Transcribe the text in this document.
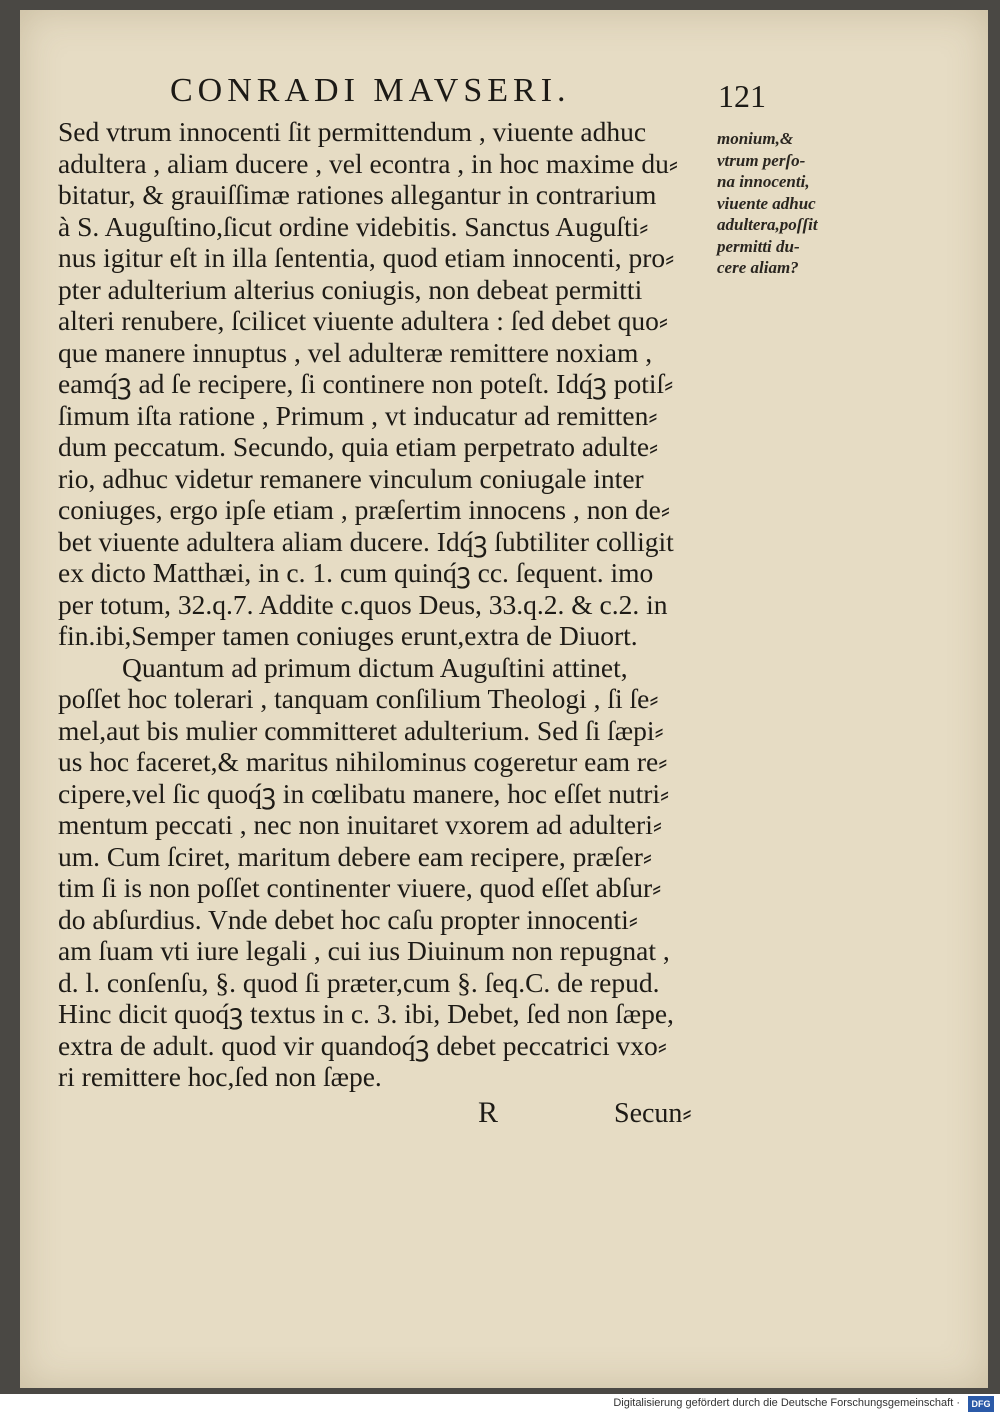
CONRADI MAVSERI.	121
Sed vtrum innocenti ſit permittendum , viuente adhuc
adultera , aliam ducere , vel econtra , in hoc maxime du⸗
bitatur, & grauiſſimæ rationes allegantur in contrarium
à S. Auguſtino,ſicut ordine videbitis. Sanctus Auguſti⸗
nus igitur eſt in illa ſententia, quod etiam innocenti, pro⸗
pter adulterium alterius coniugis, non debeat permitti
alteri renubere, ſcilicet viuente adultera : ſed debet quo⸗
que manere innuptus , vel adulteræ remittere noxiam ,
eamq́ꝫ ad ſe recipere, ſi continere non poteſt. Idq́ꝫ potiſ⸗
ſimum iſta ratione , Primum , vt inducatur ad remitten⸗
dum peccatum. Secundo, quia etiam perpetrato adulte⸗
rio, adhuc videtur remanere vinculum coniugale inter
coniuges, ergo ipſe etiam , præſertim innocens , non de⸗
bet viuente adultera aliam ducere. Idq́ꝫ ſubtiliter colligit
ex dicto Matthæi, in c. 1. cum quinq́ꝫ cc. ſequent. imo
per totum, 32.q.7. Addite c.quos Deus, 33.q.2. & c.2. in
fin.ibi,Semper tamen coniuges erunt,extra de Diuort.
Quantum ad primum dictum Auguſtini attinet,
poſſet hoc tolerari , tanquam conſilium Theologi , ſi ſe⸗
mel,aut bis mulier committeret adulterium. Sed ſi ſæpi⸗
us hoc faceret,& maritus nihilominus cogeretur eam re⸗
cipere,vel ſic quoq́ꝫ in cœlibatu manere, hoc eſſet nutri⸗
mentum peccati , nec non inuitaret vxorem ad adulteri⸗
um. Cum ſciret, maritum debere eam recipere, præſer⸗
tim ſi is non poſſet continenter viuere, quod eſſet abſur⸗
do abſurdius. Vnde debet hoc caſu propter innocenti⸗
am ſuam vti iure legali , cui ius Diuinum non repugnat ,
d. l. conſenſu, §. quod ſi præter,cum §. ſeq.C. de repud.
Hinc dicit quoq́ꝫ textus in c. 3. ibi, Debet, ſed non ſæpe,
extra de adult. quod vir quandoq́ꝫ debet peccatrici vxo⸗
ri remittere hoc,ſed non ſæpe.
monium,&
vtrum perſo-
na innocenti,
viuente adhuc
adultera,poſſit
permitti du-
cere aliam?
R	Secun⸗
Digitalisierung gefördert durch die Deutsche Forschungsgemeinschaft ·	DFG
